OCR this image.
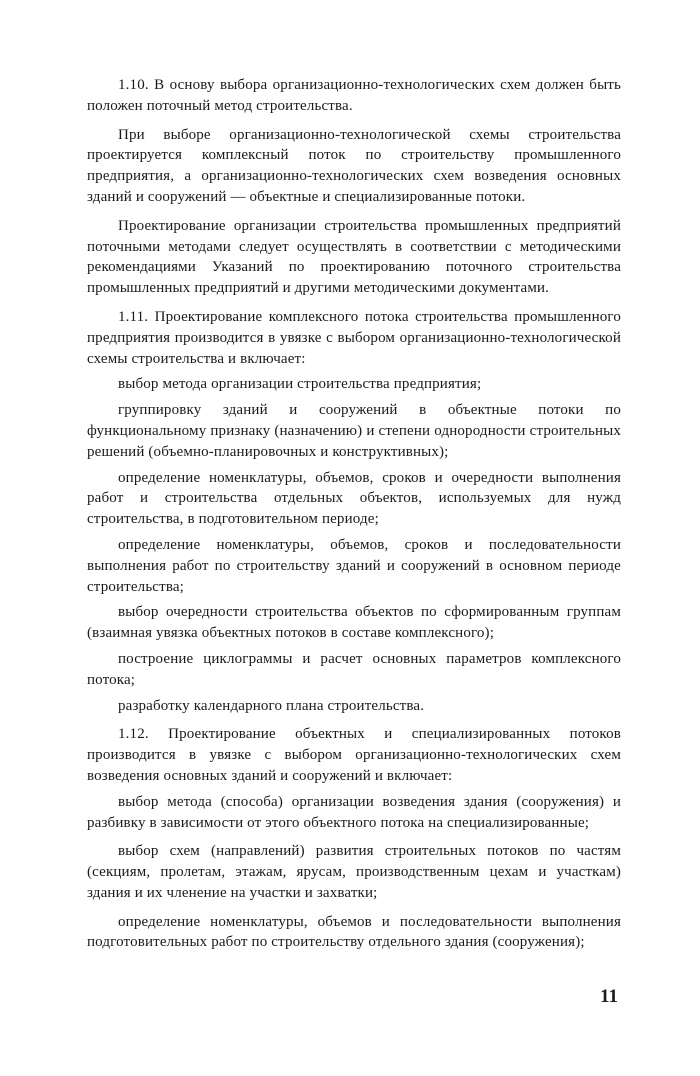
1.10. В основу выбора организационно-технологических схем должен быть положен поточный метод строительства.

При выборе организационно-технологической схемы строительства проектируется комплексный поток по строительству промышленного предприятия, а организационно-технологических схем возведения основных зданий и сооружений — объектные и специализированные потоки.

Проектирование организации строительства промышленных предприятий поточными методами следует осуществлять в соответствии с методическими рекомендациями Указаний по проектированию поточного строительства промышленных предприятий и другими методическими документами.

1.11. Проектирование комплексного потока строительства промышленного предприятия производится в увязке с выбором организационно-технологической схемы строительства и включает:

выбор метода организации строительства предприятия;

группировку зданий и сооружений в объектные потоки по функциональному признаку (назначению) и степени однородности строительных решений (объемно-планировочных и конструктивных);

определение номенклатуры, объемов, сроков и очередности выполнения работ и строительства отдельных объектов, используемых для нужд строительства, в подготовительном периоде;

определение номенклатуры, объемов, сроков и последовательности выполнения работ по строительству зданий и сооружений в основном периоде строительства;

выбор очередности строительства объектов по сформированным группам (взаимная увязка объектных потоков в составе комплексного);

построение циклограммы и расчет основных параметров комплексного потока;

разработку календарного плана строительства.

1.12. Проектирование объектных и специализированных потоков производится в увязке с выбором организационно-технологических схем возведения основных зданий и сооружений и включает:

выбор метода (способа) организации возведения здания (сооружения) и разбивку в зависимости от этого объектного потока на специализированные;

выбор схем (направлений) развития строительных потоков по частям (секциям, пролетам, этажам, ярусам, производственным цехам и участкам) здания и их членение на участки и захватки;

определение номенклатуры, объемов и последовательности выполнения подготовительных работ по строительству отдельного здания (сооружения);

11
